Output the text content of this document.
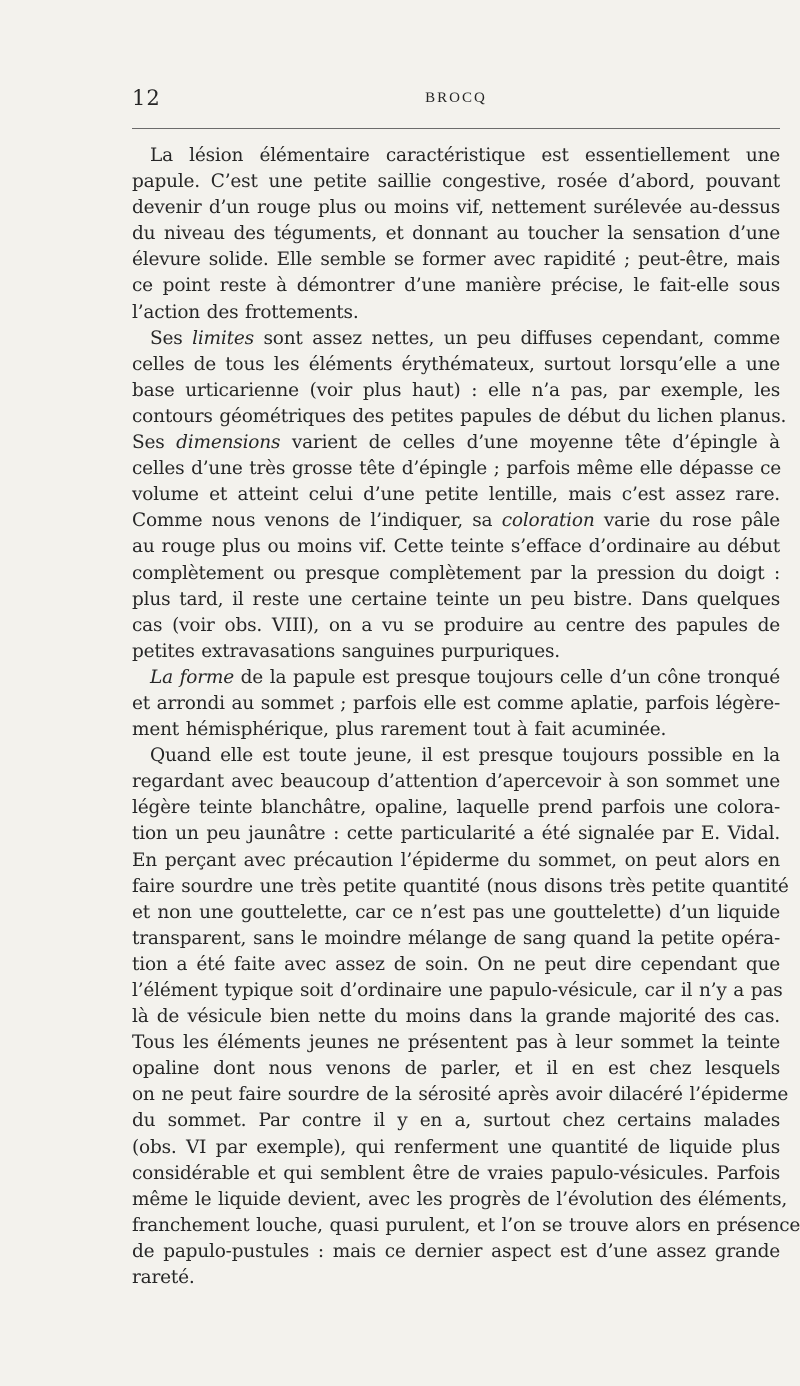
12	BROCQ
La lésion élémentaire caractéristique est essentiellement une
papule. C’est une petite saillie congestive, rosée d’abord, pouvant
devenir d’un rouge plus ou moins vif, nettement surélevée au-dessus
du niveau des téguments, et donnant au toucher la sensation d’une
élevure solide. Elle semble se former avec rapidité ; peut-être, mais
ce point reste à démontrer d’une manière précise, le fait-elle sous
l’action des frottements.
Ses limites sont assez nettes, un peu diffuses cependant, comme
celles de tous les éléments érythémateux, surtout lorsqu’elle a une
base urticarienne (voir plus haut) : elle n’a pas, par exemple, les
contours géométriques des petites papules de début du lichen planus.
Ses dimensions varient de celles d’une moyenne tête d’épingle à
celles d’une très grosse tête d’épingle ; parfois même elle dépasse ce
volume et atteint celui d’une petite lentille, mais c’est assez rare.
Comme nous venons de l’indiquer, sa coloration varie du rose pâle
au rouge plus ou moins vif. Cette teinte s’efface d’ordinaire au début
complètement ou presque complètement par la pression du doigt :
plus tard, il reste une certaine teinte un peu bistre. Dans quelques
cas (voir obs. VIII), on a vu se produire au centre des papules de
petites extravasations sanguines purpuriques.
La forme de la papule est presque toujours celle d’un cône tronqué
et arrondi au sommet ; parfois elle est comme aplatie, parfois légère-
ment hémisphérique, plus rarement tout à fait acuminée.
Quand elle est toute jeune, il est presque toujours possible en la
regardant avec beaucoup d’attention d’apercevoir à son sommet une
légère teinte blanchâtre, opaline, laquelle prend parfois une colora-
tion un peu jaunâtre : cette particularité a été signalée par E. Vidal.
En perçant avec précaution l’épiderme du sommet, on peut alors en
faire sourdre une très petite quantité (nous disons très petite quantité
et non une gouttelette, car ce n’est pas une gouttelette) d’un liquide
transparent, sans le moindre mélange de sang quand la petite opéra-
tion a été faite avec assez de soin. On ne peut dire cependant que
l’élément typique soit d’ordinaire une papulo-vésicule, car il n’y a pas
là de vésicule bien nette du moins dans la grande majorité des cas.
Tous les éléments jeunes ne présentent pas à leur sommet la teinte
opaline dont nous venons de parler, et il en est chez lesquels
on ne peut faire sourdre de la sérosité après avoir dilacéré l’épiderme
du sommet. Par contre il y en a, surtout chez certains malades
(obs. VI par exemple), qui renferment une quantité de liquide plus
considérable et qui semblent être de vraies papulo-vésicules. Parfois
même le liquide devient, avec les progrès de l’évolution des éléments,
franchement louche, quasi purulent, et l’on se trouve alors en présence
de papulo-pustules : mais ce dernier aspect est d’une assez grande
rareté.
